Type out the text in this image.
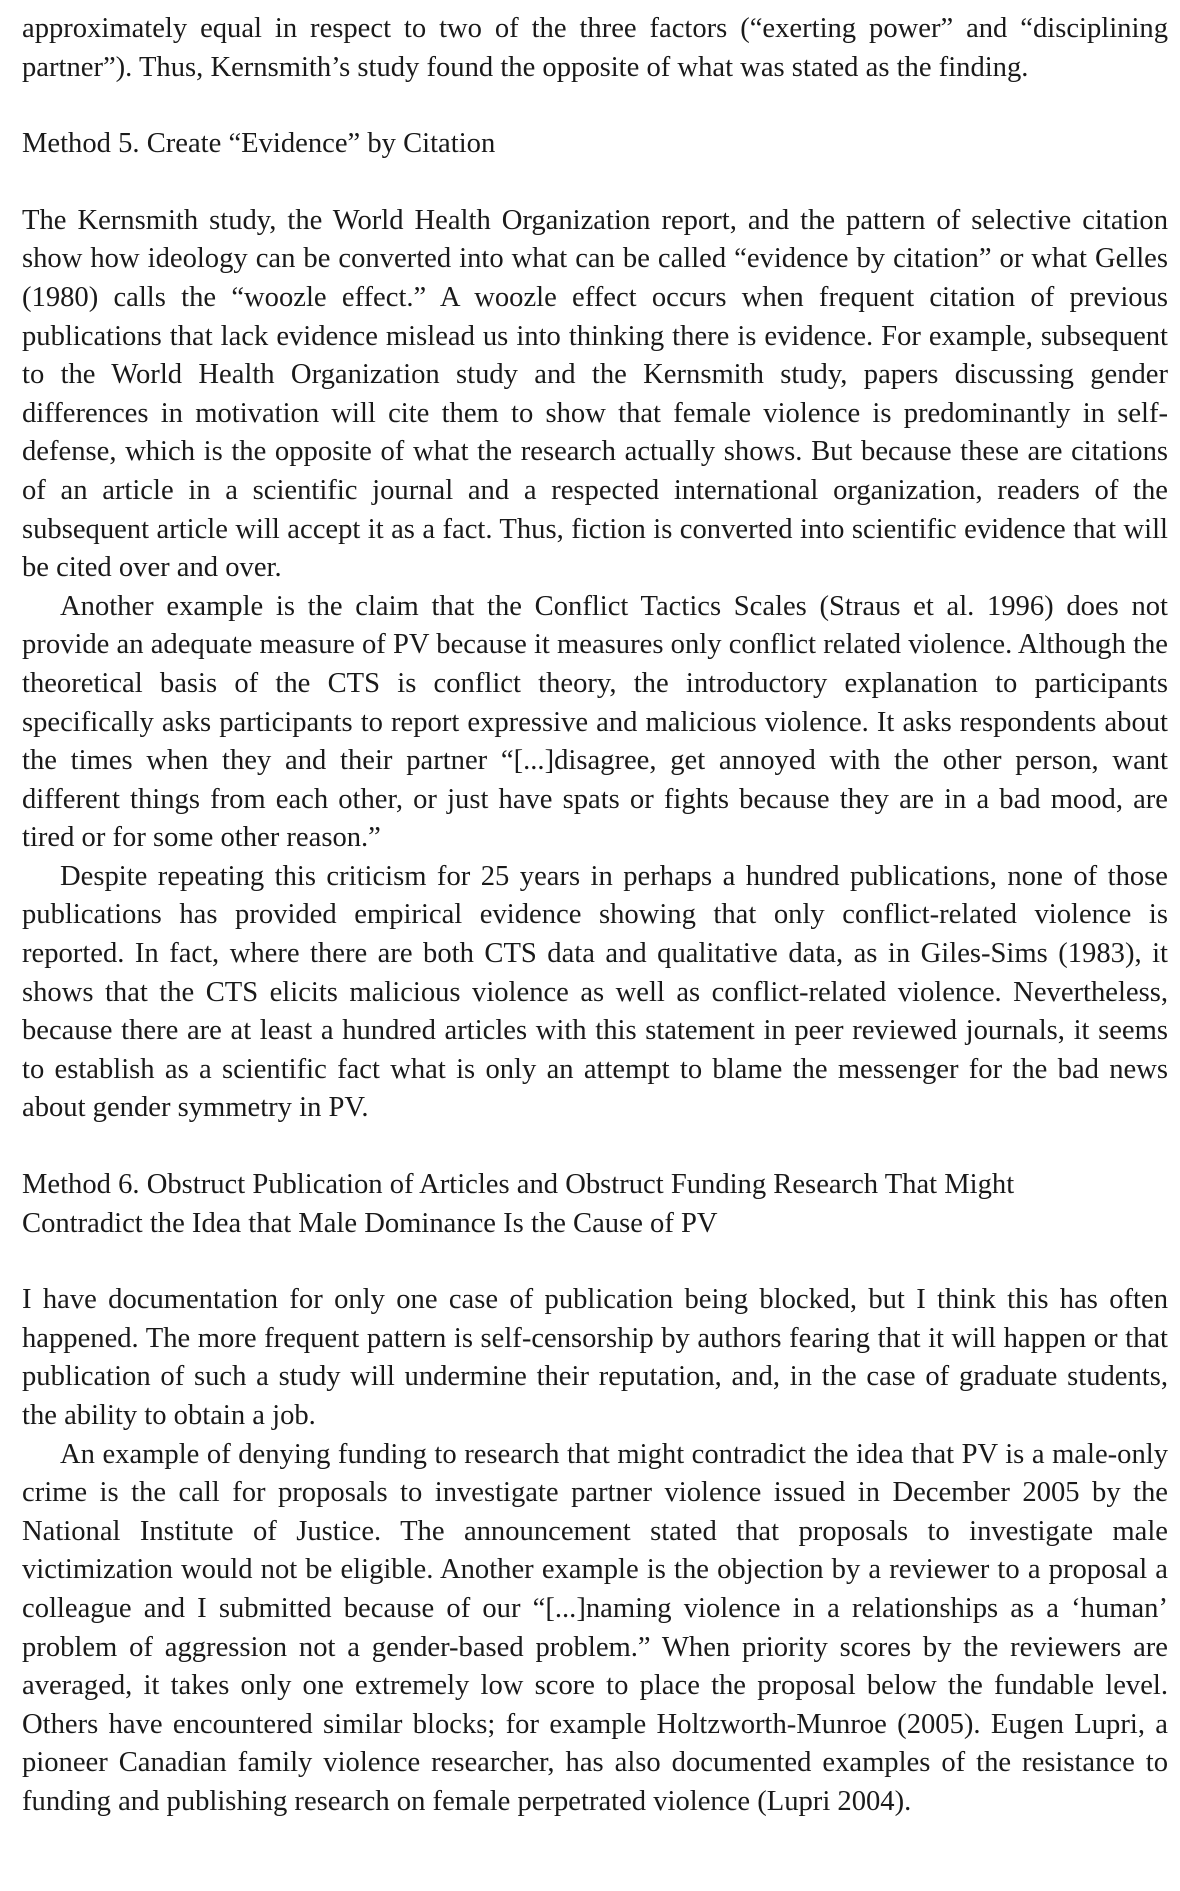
approximately equal in respect to two of the three factors (“exerting power” and “disciplining partner”). Thus, Kernsmith’s study found the opposite of what was stated as the finding.

Method 5. Create “Evidence” by Citation

The Kernsmith study, the World Health Organization report, and the pattern of selective citation show how ideology can be converted into what can be called “evidence by citation” or what Gelles (1980) calls the “woozle effect.” A woozle effect occurs when frequent citation of previous publications that lack evidence mislead us into thinking there is evidence. For example, subsequent to the World Health Organization study and the Kernsmith study, papers discussing gender differences in motivation will cite them to show that female violence is predominantly in self-defense, which is the opposite of what the research actually shows. But because these are citations of an article in a scientific journal and a respected international organization, readers of the subsequent article will accept it as a fact. Thus, fiction is converted into scientific evidence that will be cited over and over.

Another example is the claim that the Conflict Tactics Scales (Straus et al. 1996) does not provide an adequate measure of PV because it measures only conflict related violence. Although the theoretical basis of the CTS is conflict theory, the introductory explanation to participants specifically asks participants to report expressive and malicious violence. It asks respondents about the times when they and their partner “[...]disagree, get annoyed with the other person, want different things from each other, or just have spats or fights because they are in a bad mood, are tired or for some other reason.”

Despite repeating this criticism for 25 years in perhaps a hundred publications, none of those publications has provided empirical evidence showing that only conflict-related violence is reported. In fact, where there are both CTS data and qualitative data, as in Giles-Sims (1983), it shows that the CTS elicits malicious violence as well as conflict-related violence. Nevertheless, because there are at least a hundred articles with this statement in peer reviewed journals, it seems to establish as a scientific fact what is only an attempt to blame the messenger for the bad news about gender symmetry in PV.

Method 6. Obstruct Publication of Articles and Obstruct Funding Research That Might
Contradict the Idea that Male Dominance Is the Cause of PV

I have documentation for only one case of publication being blocked, but I think this has often happened. The more frequent pattern is self-censorship by authors fearing that it will happen or that publication of such a study will undermine their reputation, and, in the case of graduate students, the ability to obtain a job.

An example of denying funding to research that might contradict the idea that PV is a male-only crime is the call for proposals to investigate partner violence issued in December 2005 by the National Institute of Justice. The announcement stated that proposals to investigate male victimization would not be eligible. Another example is the objection by a reviewer to a proposal a colleague and I submitted because of our “[...]naming violence in a relationships as a ‘human’ problem of aggression not a gender-based problem.” When priority scores by the reviewers are averaged, it takes only one extremely low score to place the proposal below the fundable level. Others have encountered similar blocks; for example Holtzworth-Munroe (2005). Eugen Lupri, a pioneer Canadian family violence researcher, has also documented examples of the resistance to funding and publishing research on female perpetrated violence (Lupri 2004).
